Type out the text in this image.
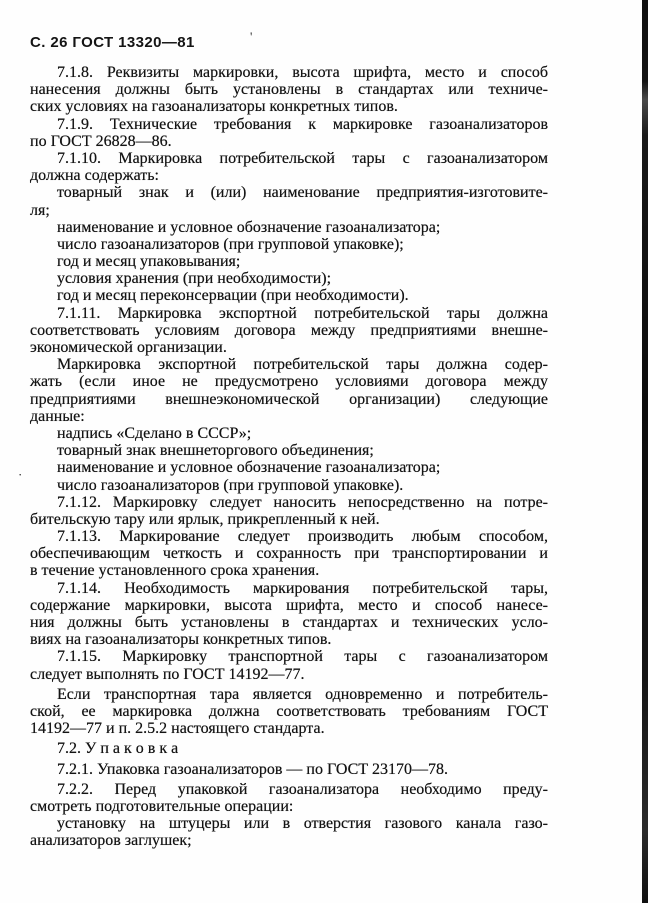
С. 26 ГОСТ 13320—81	'
·
7.1.8. Реквизиты маркировки, высота шрифта, место и способ
нанесения должны быть установлены в стандартах или техниче-
ских условиях на газоанализаторы конкретных типов.
7.1.9. Технические требования к маркировке газоанализаторов
по ГОСТ 26828—86.
7.1.10. Маркировка потребительской тары с газоанализатором
должна содержать:
товарный знак и (или) наименование предприятия-изготовите-
ля;
наименование и условное обозначение газоанализатора;
число газоанализаторов (при групповой упаковке);
год и месяц упаковывания;
условия хранения (при необходимости);
год и месяц переконсервации (при необходимости).
7.1.11. Маркировка экспортной потребительской тары должна
соответствовать условиям договора между предприятиями внешне-
экономической организации.
Маркировка экспортной потребительской тары должна содер-
жать (если иное не предусмотрено условиями договора между
предприятиями внешнеэкономической организации) следующие
данные:
надпись «Сделано в СССР»;
товарный знак внешнеторгового объединения;
наименование и условное обозначение газоанализатора;
число газоанализаторов (при групповой упаковке).
7.1.12. Маркировку следует наносить непосредственно на потре-
бительскую тару или ярлык, прикрепленный к ней.
7.1.13. Маркирование следует производить любым способом,
обеспечивающим четкость и сохранность при транспортировании и
в течение установленного срока хранения.
7.1.14. Необходимость маркирования потребительской тары,
содержание маркировки, высота шрифта, место и способ нанесе-
ния должны быть установлены в стандартах и технических усло-
виях на газоанализаторы конкретных типов.
7.1.15. Маркировку транспортной тары с газоанализатором
следует выполнять по ГОСТ 14192—77.
Если транспортная тара является одновременно и потребитель-
ской, ее маркировка должна соответствовать требованиям ГОСТ
14192—77 и п. 2.5.2 настоящего стандарта.
7.2. У п а к о в к а
7.2.1. Упаковка газоанализаторов — по ГОСТ 23170—78.
7.2.2. Перед упаковкой газоанализатора необходимо преду-
смотреть подготовительные операции:
установку на штуцеры или в отверстия газового канала газо-
анализаторов заглушек;
